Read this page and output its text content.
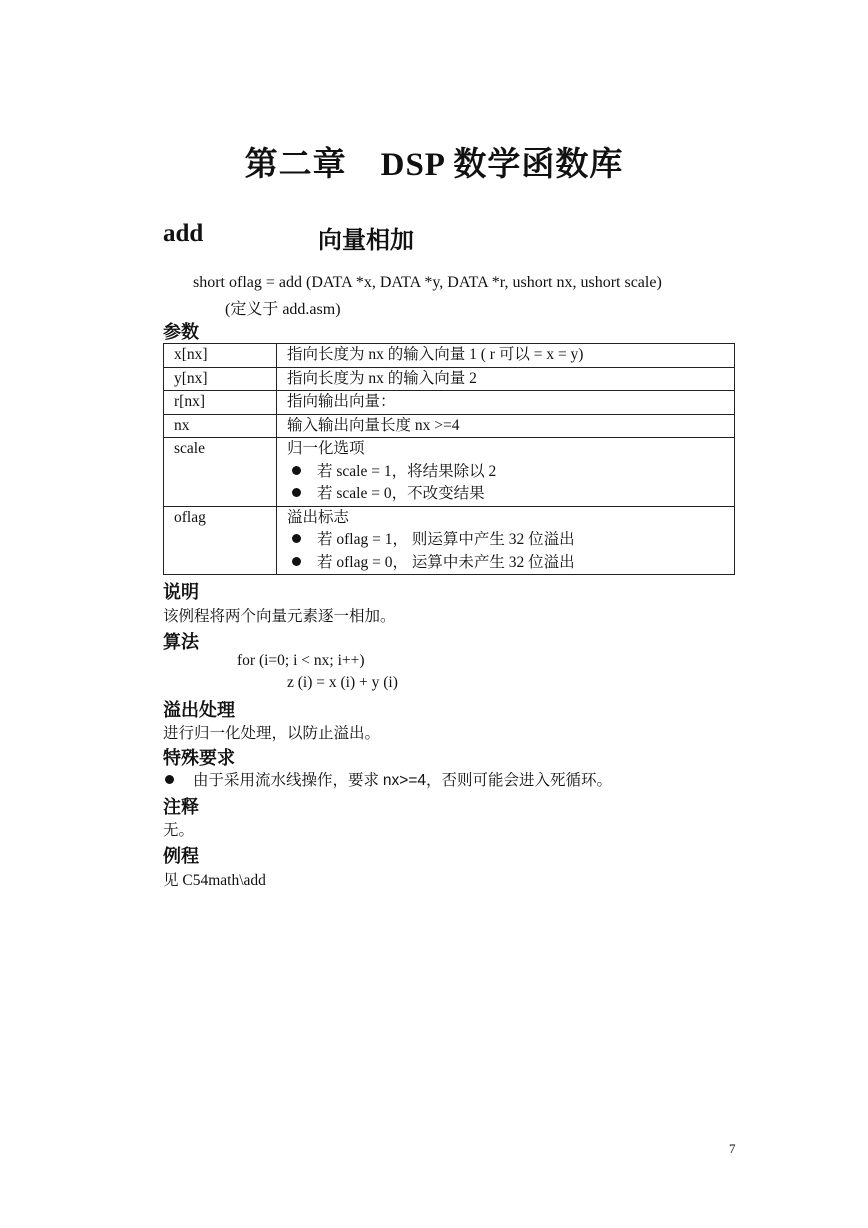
第二章　DSP 数学函数库
add	向量相加
short oflag = add (DATA *x, DATA *y, DATA *r, ushort nx, ushort scale)
(定义于 add.asm)
参数
x[nx]	指向长度为 nx 的输入向量 1 ( r 可以 = x = y)
y[nx]	指向长度为 nx 的输入向量 2
r[nx]	指向输出向量：
nx	输入输出向量长度 nx >=4
scale	归一化选项
若 scale = 1，将结果除以 2
若 scale = 0，不改变结果

oflag	溢出标志
若 oflag = 1， 则运算中产生 32 位溢出
若 oflag = 0， 运算中未产生 32 位溢出
说明
该例程将两个向量元素逐一相加。
算法
for (i=0; i < nx; i++)
z (i) = x (i) + y (i)
溢出处理
进行归一化处理，以防止溢出。
特殊要求
由于采用流水线操作，要求 nx>=4，否则可能会进入死循环。
注释
无。
例程
见 C54math\add
7
